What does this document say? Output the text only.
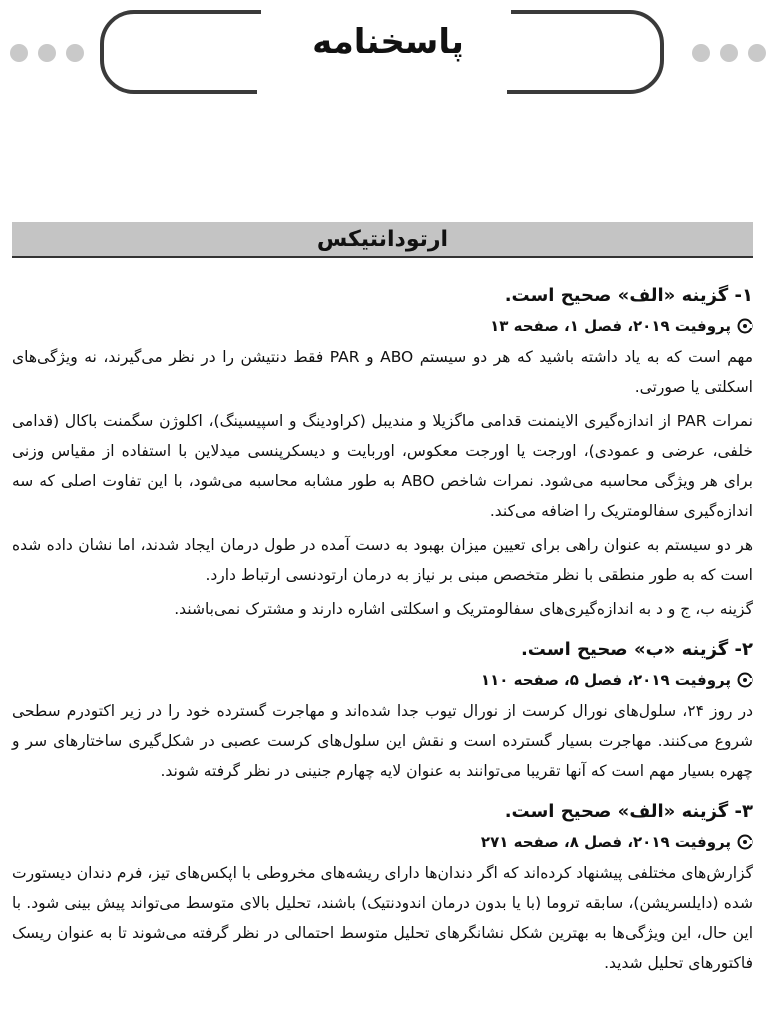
پاسخنامه
ارتودانتیکس
۱- گزینه «الف» صحیح است.
پروفیت ۲۰۱۹، فصل ۱، صفحه ۱۳

مهم است که به یاد داشته باشید که هر دو سیستم ABO و PAR فقط دنتیشن را در نظر می‌گیرند، نه ویژگی‌های اسکلتی یا صورتی.

نمرات PAR از اندازه‌گیری الاینمنت قدامی ماگزیلا و مندیبل (کراودینگ و اسپیسینگ)، اکلوژن سگمنت باکال (قدامی خلفی، عرضی و عمودی)، اورجت یا اورجت معکوس، اوربایت و دیسکرپنسی میدلاین با استفاده از مقیاس وزنی برای هر ویژگی محاسبه می‌شود. نمرات شاخص ABO به طور مشابه محاسبه می‌شود، با این تفاوت اصلی که سه اندازه‌گیری سفالومتریک را اضافه می‌کند.

هر دو سیستم به عنوان راهی برای تعیین میزان بهبود به دست آمده در طول درمان ایجاد شدند، اما نشان داده شده است که به طور منطقی با نظر متخصص مبنی بر نیاز به درمان ارتودنسی ارتباط دارد.

گزینه ب، ج و د به اندازه‌گیری‌های سفالومتریک و اسکلتی اشاره دارند و مشترک نمی‌باشند.

۲- گزینه «ب» صحیح است.
پروفیت ۲۰۱۹، فصل ۵، صفحه ۱۱۰

در روز ۲۴، سلول‌های نورال کرست از نورال تیوب جدا شده‌اند و مهاجرت گسترده خود را در زیر اکتودرم سطحی شروع می‌کنند. مهاجرت بسیار گسترده است و نقش این سلول‌های کرست عصبی در شکل‌گیری ساختارهای سر و چهره بسیار مهم است که آنها تقریبا می‌توانند به عنوان لایه چهارم جنینی در نظر گرفته شوند.

۳- گزینه «الف» صحیح است.
پروفیت ۲۰۱۹، فصل ۸، صفحه ۲۷۱

گزارش‌های مختلفی پیشنهاد کرده‌اند که اگر دندان‌ها دارای ریشه‌های مخروطی با اپکس‌های تیز، فرم دندان دیستورت شده (دایلسریشن)، سابقه تروما (با یا بدون درمان اندودنتیک) باشند، تحلیل بالای متوسط می‌تواند پیش بینی شود. با این حال، این ویژگی‌ها به بهترین شکل نشانگرهای تحلیل متوسط احتمالی در نظر گرفته می‌شوند تا به عنوان ریسک فاکتورهای تحلیل شدید.
